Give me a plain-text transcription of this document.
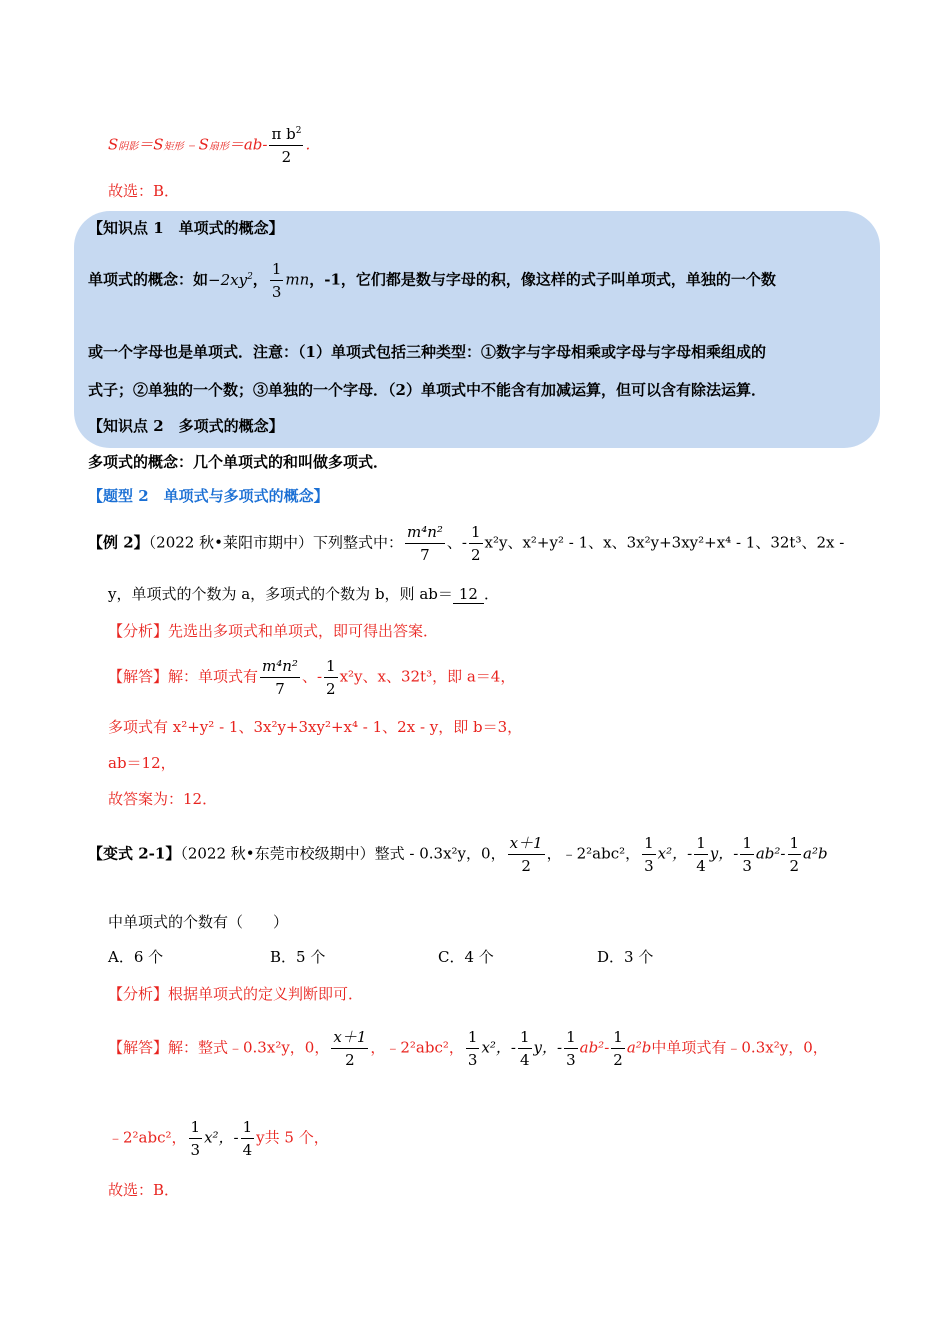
S阴影＝S矩形﹣S扇形$=ab- \frac{\pi b^2}{2}$ .
故选：B．
【知识点 1　单项式的概念】
单项式的概念：如$-2xy^2$， $\frac{1}{3}$ mn，-1，它们都是数与字母的积，像这样的式子叫单项式，单独的一个数
或一个字母也是单项式．注意：（1）单项式包括三种类型：①数字与字母相乘或字母与字母相乘组成的
式子；②单独的一个数；③单独的一个字母．（2）单项式中不能含有加减运算，但可以含有除法运算．
【知识点 2　多项式的概念】
多项式的概念：几个单项式的和叫做多项式．
【题型 2　单项式与多项式的概念】
【例 2】（2022 秋•莱阳市期中）下列整式中： $\frac{\text{m⁴n²}}{7}$ 、- $\frac{1}{2} x^2y$、x²+y² - 1、x、3x²y+3xy²+x⁴ - 1、32t³、2x -
y，单项式的个数为 a，多项式的个数为 b，则 ab＝ 12 ．
【分析】先选出多项式和单项式，即可得出答案．
【解答】解：单项式有 $\frac{\text{m⁴n²}}{7}$ 、- $\frac{1}{2} x^2y$、x、32t³，即 a＝4，
多项式有 x²+y² - 1、3x²y+3xy²+x⁴ - 1、2x - y，即 b＝3，
ab＝12，
故答案为：12．
【变式 2-1】（2022 秋•东莞市校级期中）整式 - 0.3x²y，0， $\frac{x+1}{2}$ ，﹣2²abc²， $\frac{1}{3} x^2$，- $\frac{1}{4}$ y，- $\frac{1}{3} ab^2- \frac{1}{2} a^2b$
中单项式的个数有（　　）
A．6 个	B．5 个	C．4 个	D．3 个
【分析】根据单项式的定义判断即可．
【解答】解：整式﹣0.3x²y，0， $\frac{x+1}{2}$ ，﹣2²abc²， $\frac{1}{3} x^2$，- $\frac{1}{4}$ y，- $\frac{1}{3} ab^2- \frac{1}{2} a^2b$中单项式有﹣0.3x²y，0，
﹣2²abc²， $\frac{1}{3} x^2$，- $\frac{1}{4}$ y共 5 个，
故选：B．
